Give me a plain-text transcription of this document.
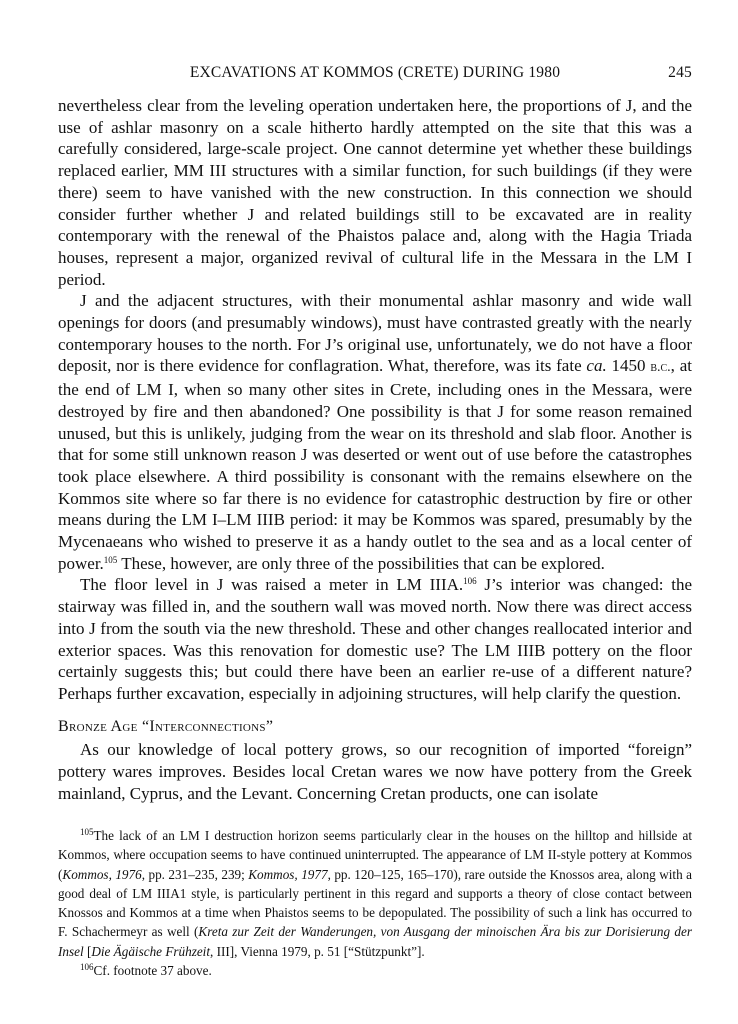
EXCAVATIONS AT KOMMOS (CRETE) DURING 1980	245

nevertheless clear from the leveling operation undertaken here, the proportions of J, and the use of ashlar masonry on a scale hitherto hardly attempted on the site that this was a carefully considered, large-scale project. One cannot determine yet whether these buildings replaced earlier, MM III structures with a similar function, for such buildings (if they were there) seem to have vanished with the new construction. In this connection we should consider further whether J and related buildings still to be excavated are in reality contemporary with the renewal of the Phaistos palace and, along with the Hagia Triada houses, represent a major, organized revival of cultural life in the Messara in the LM I period.

J and the adjacent structures, with their monumental ashlar masonry and wide wall openings for doors (and presumably windows), must have contrasted greatly with the nearly contemporary houses to the north. For J’s original use, unfortunately, we do not have a floor deposit, nor is there evidence for conflagration. What, therefore, was its fate ca. 1450 b.c., at the end of LM I, when so many other sites in Crete, including ones in the Messara, were destroyed by fire and then abandoned? One possibility is that J for some reason remained unused, but this is unlikely, judging from the wear on its threshold and slab floor. Another is that for some still unknown reason J was deserted or went out of use before the catastrophes took place elsewhere. A third possibility is consonant with the remains elsewhere on the Kommos site where so far there is no evidence for catastrophic destruction by fire or other means during the LM I–LM IIIB period: it may be Kommos was spared, presumably by the Mycenaeans who wished to preserve it as a handy outlet to the sea and as a local center of power.$^{105}$ These, however, are only three of the possibilities that can be explored.

The floor level in J was raised a meter in LM IIIA.$^{106}$ J’s interior was changed: the stairway was filled in, and the southern wall was moved north. Now there was direct access into J from the south via the new threshold. These and other changes reallocated interior and exterior spaces. Was this renovation for domestic use? The LM IIIB pottery on the floor certainly suggests this; but could there have been an earlier re-use of a different nature? Perhaps further excavation, especially in adjoining structures, will help clarify the question.

Bronze Age “Interconnections”

As our knowledge of local pottery grows, so our recognition of imported “foreign” pottery wares improves. Besides local Cretan wares we now have pottery from the Greek mainland, Cyprus, and the Levant. Concerning Cretan products, one can isolate

$^{105}$The lack of an LM I destruction horizon seems particularly clear in the houses on the hilltop and hillside at Kommos, where occupation seems to have continued uninterrupted. The appearance of LM II-style pottery at Kommos (Kommos, 1976, pp. 231–235, 239; Kommos, 1977, pp. 120–125, 165–170), rare outside the Knossos area, along with a good deal of LM IIIA1 style, is particularly pertinent in this regard and supports a theory of close contact between Knossos and Kommos at a time when Phaistos seems to be depopulated. The possibility of such a link has occurred to F. Schachermeyr as well (Kreta zur Zeit der Wanderungen, von Ausgang der minoischen Ära bis zur Dorisierung der Insel [Die Ägäische Frühzeit, III], Vienna 1979, p. 51 [“Stützpunkt”].

$^{106}$Cf. footnote 37 above.
